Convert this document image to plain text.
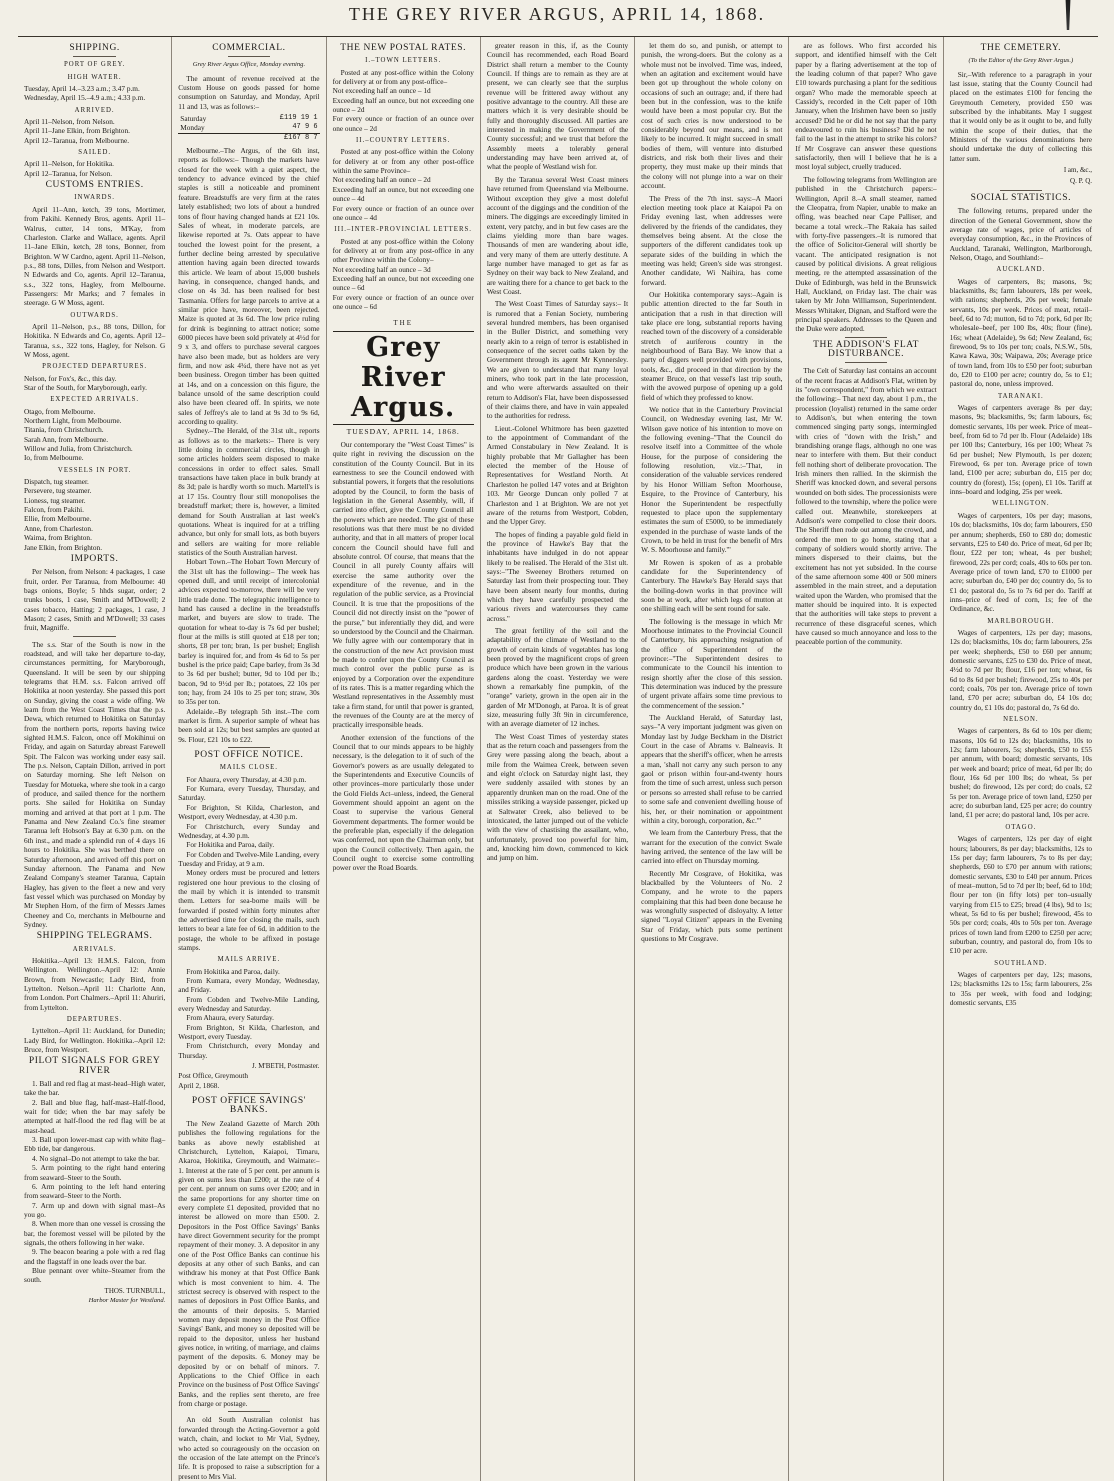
THE GREY RIVER ARGUS, APRIL 14, 1868.
SHIPPING.
PORT OF GREY.
HIGH WATER.

Tuesday, April 14.–3.23 a.m.; 3.47 p.m.

Wednesday, April 15.–4.9 a.m.; 4.33 p.m.

ARRIVED.

April 11–Nelson, from Nelson.

April 11–Jane Elkin, from Brighton.

April 12–Taranua, from Melbourne.

SAILED.

April 11–Nelson, for Hokitika.

April 12–Taranua, for Nelson.

CUSTOMS ENTRIES.
INWARDS.

April 11–Ann, ketch, 39 tons, Mortimer, from Pakihi. Kennedy Bros, agents. April 11–Walrus, cutter, 14 tons, M'Kay, from Charleston. Clarke and Wallace, agents. April 11–Jane Elkin, ketch, 28 tons, Bonner, from Brighton. W W Cardno, agent. April 11–Nelson, p.s., 88 tons, Dilles, from Nelson and Westport. N Edwards and Co, agents. April 12–Taranua, s.s., 322 tons, Hagley, from Melbourne. Passengers: Mr Marks; and 7 females in steerage. G W Moss, agent.

OUTWARDS.

April 11–Nelson, p.s., 88 tons, Dillon, for Hokitika. N Edwards and Co, agents. April 12–Taranua, s.s., 322 tons, Hagley, for Nelson. G W Moss, agent.

PROJECTED DEPARTURES.

Nelson, for Fox's, &c., this day.

Star of the South, for Maryborough, early.

EXPECTED ARRIVALS.

Otago, from Melbourne.

Northern Light, from Melbourne.

Titania, from Christchurch.

Sarah Ann, from Melbourne.

Willow and Julia, from Christchurch.

Io, from Melbourne.

VESSELS IN PORT.

Dispatch, tug steamer.

Persevere, tug steamer.

Lioness, tug steamer.

Falcon, from Pakihi.

Ellie, from Melbourne.

Anne, from Charleston.

Waima, from Brighton.

Jane Elkin, from Brighton.

IMPORTS.

Per Nelson, from Nelson: 4 packages, 1 case fruit, order. Per Taranua, from Melbourne: 40 bags onions, Boyle; 5 hhds sugar, order; 2 trunks boots, 1 case, Smith and M'Dowell; 2 cases tobacco, Hatting; 2 packages, 1 case, J Mason; 2 cases, Smith and M'Dowell; 33 cases fruit, Magniffe.

The s.s. Star of the South is now in the roadstead, and will take her departure to-day, circumstances permitting, for Maryborough, Queensland. It will be seen by our shipping telegrams that H.M. s.s. Falcon arrived off Hokitika at noon yesterday. She passed this port on Sunday, giving the coast a wide offing. We learn from the West Coast Times that the p.s. Dewa, which returned to Hokitika on Saturday from the northern ports, reports having twice sighted H.M.S. Falcon, once off Mokihinui on Friday, and again on Saturday abreast Farewell Spit. The Falcon was working under easy sail. The p.s. Nelson, Captain Dillon, arrived in port on Saturday morning. She left Nelson on Tuesday for Motueka, where she took in a cargo of produce, and sailed thence for the northern ports. She sailed for Hokitika on Sunday morning and arrived at that port at 1 p.m. The Panama and New Zealand Co.'s fine steamer Taranua left Hobson's Bay at 6.30 p.m. on the 6th inst., and made a splendid run of 4 days 16 hours to Hokitika. She was berthed there on Saturday afternoon, and arrived off this port on Sunday afternoon. The Panama and New Zealand Company's steamer Taranua, Captain Hagley, has given to the fleet a new and very fast vessel which was purchased on Monday by Mr Stephen Horn, of the firm of Messrs James Cheeney and Co, merchants in Melbourne and Sydney.

SHIPPING TELEGRAMS.
ARRIVALS.

Hokitika.–April 13: H.M.S. Falcon, from Wellington. Wellington.–April 12: Annie Brown, from Newcastle; Lady Bird, from Lyttelton. Nelson.–April 11: Charlotte Ann, from London. Port Chalmers.–April 11: Ahuriri, from Lyttelton.

DEPARTURES.

Lyttelton.–April 11: Auckland, for Dunedin; Lady Bird, for Wellington. Hokitika.–April 12: Bruce, from Westport.

PILOT SIGNALS FOR GREY RIVER

1. Ball and red flag at mast-head–High water, take the bar.

2. Ball and blue flag, half-mast–Half-flood, wait for tide; when the bar may safely be attempted at half-flood the red flag will be at mast-head.

3. Ball upon lower-mast cap with white flag–Ebb tide, bar dangerous.

4. No signal–Do not attempt to take the bar.

5. Arm pointing to the right hand entering from seaward–Steer to the South.

6. Arm pointing to the left hand entering from seaward–Steer to the North.

7. Arm up and down with signal mast–As you go.

8. When more than one vessel is crossing the bar, the foremost vessel will be piloted by the signals, the others following in her wake.

9. The beacon bearing a pole with a red flag and the flagstaff in one leads over the bar.

Blue pennant over white–Steamer from the south.

THOS. TURNBULL,

Harbor Master for Westland.

COMMERCIAL.

Grey River Argus Office, Monday evening.

The amount of revenue received at the Custom House on goods passed for home consumption on Saturday, and Monday, April 11 and 13, was as follows:–

Saturday	£119 19 1
Monday	47 9 6
	£167 8 7

Melbourne.–The Argus, of the 6th inst, reports as follows:– Though the markets have closed for the week with a quiet aspect, the tendency to advance evinced by the chief staples is still a noticeable and prominent feature. Breadstuffs are very firm at the rates lately established; two lots of about a hundred tons of flour having changed hands at £21 10s. Sales of wheat, in moderate parcels, are likewise reported at 7s. Oats appear to have touched the lowest point for the present, a further decline being arrested by speculative attention having again been directed towards this article. We learn of about 15,000 bushels having, in consequence, changed hands, and close on 4s 3d. has been realised for best Tasmania. Offers for large parcels to arrive at a similar price have, moreover, been rejected. Maize is quoted at 3s 6d. The low price ruling for drink is beginning to attract notice; some 6000 pieces have been sold privately at 4½d for 9 x 3, and offers to purchase several cargoes have also been made, but as holders are very firm, and now ask 4¾d, there have not as yet been business. Oregon timber has been quitted at 14s, and on a concession on this figure, the balance unsold of the same description could also have been cleared off. In spirits, we note sales of Jeffrey's ale to land at 9s 3d to 9s 6d, according to quality.

Sydney.–The Herald, of the 31st ult., reports as follows as to the markets:– There is very little doing in commercial circles, though in some articles holders seem disposed to make concessions in order to effect sales. Small transactions have taken place in bulk brandy at 8s 3d; pale is hardly worth so much. Martell's is at 17 15s. Country flour still monopolises the breadstuff market; there is, however, a limited demand for South Australian at last week's quotations. Wheat is inquired for at a trifling advance, but only for small lots, as both buyers and sellers are waiting for more reliable statistics of the South Australian harvest.

Hobart Town.–The Hobart Town Mercury of the 31st ult has the following:– The week has opened dull, and until receipt of intercolonial advices expected to-morrow, there will be very little trade done. The telegraphic intelligence to hand has caused a decline in the breadstuffs market, and buyers are slow to trade. The quotation for wheat to-day is 7s 6d per bushel; flour at the mills is still quoted at £18 per ton; shorts, £8 per ton; bran, 1s per bushel; English barley is inquired for, and from 4s 6d to 5s per bushel is the price paid; Cape barley, from 3s 3d to 3s 6d per bushel; butter, 9d to 10d per lb.; bacon, 9d to 9½d per lb.; potatoes, 22 10s per ton; hay, from 24 10s to 25 per ton; straw, 30s to 35s per ton.

Adelaide.–By telegraph 5th inst.–The corn market is firm. A superior sample of wheat has been sold at 12s; but best samples are quoted at 9s. Flour, £21 10s to £22.

POST OFFICE NOTICE.
MAILS CLOSE.

For Ahaura, every Thursday, at 4.30 p.m.

For Kumara, every Tuesday, Thursday, and Saturday.

For Brighton, St Kilda, Charleston, and Westport, every Wednesday, at 4.30 p.m.

For Christchurch, every Sunday and Wednesday, at 4.30 p.m.

For Hokitika and Paroa, daily.

For Cobden and Twelve-Mile Landing, every Tuesday and Friday, at 9 a.m.

Money orders must be procured and letters registered one hour previous to the closing of the mail by which it is intended to transmit them. Letters for sea-borne mails will be forwarded if posted within forty minutes after the advertised time for closing the mails, such letters to bear a late fee of 6d, in addition to the postage, the whole to be affixed in postage stamps.

MAILS ARRIVE.

From Hokitika and Paroa, daily.

From Kumara, every Monday, Wednesday, and Friday.

From Cobden and Twelve-Mile Landing, every Wednesday and Saturday.

From Ahaura, every Saturday.

From Brighton, St Kilda, Charleston, and Westport, every Tuesday.

From Christchurch, every Monday and Thursday.

J. M'BETH, Postmaster.

Post Office, Greymouth

April 2, 1868.

POST OFFICE SAVINGS' BANKS.

The New Zealand Gazette of March 20th publishes the following regulations for the banks as above newly established at Christchurch, Lyttelton, Kaiapoi, Timaru, Akaroa, Hokitika, Greymouth, and Waimate:– 1. Interest at the rate of 5 per cent. per annum is given on sums less than £200; at the rate of 4 per cent. per annum on sums over £200; and in the same proportions for any shorter time on every complete £1 deposited, provided that no interest be allowed on more than £500. 2. Depositors in the Post Office Savings' Banks have direct Government security for the prompt repayment of their money. 3. A depositor in any one of the Post Office Banks can continue his deposits at any other of such Banks, and can withdraw his money at that Post Office Bank which is most convenient to him. 4. The strictest secrecy is observed with respect to the names of depositors in Post Office Banks, and the amounts of their deposits. 5. Married women may deposit money in the Post Office Savings' Bank, and money so deposited will be repaid to the depositor, unless her husband gives notice, in writing, of marriage, and claims payment of the deposits. 6. Money may be deposited by or on behalf of minors. 7. Applications to the Chief Office in each Province on the business of Post Office Savings' Banks, and the replies sent thereto, are free from charge or postage.

An old South Australian colonist has forwarded through the Acting-Governor a gold watch, chain, and locket to Mr Vial, Sydney, who acted so courageously on the occasion on the occasion of the late attempt on the Prince's life. It is proposed to raise a subscription for a present to Mrs Vial.

THE NEW POSTAL RATES.
I.–TOWN LETTERS.

Posted at any post-office within the Colony for delivery at or from any post-office–

Not exceeding half an ounce – 1d

Exceeding half an ounce, but not exceeding one ounce – 2d

For every ounce or fraction of an ounce over one ounce – 2d

II.–COUNTRY LETTERS.

Posted at any post-office within the Colony for delivery at or from any other post-office within the same Province–

Not exceeding half an ounce – 2d

Exceeding half an ounce, but not exceeding one ounce – 4d

For every ounce or fraction of an ounce over one ounce – 4d

III.–INTER-PROVINCIAL LETTERS.

Posted at any post-office within the Colony for delivery at or from any post-office in any other Province within the Colony–

Not exceeding half an ounce – 3d

Exceeding half an ounce, but not exceeding one ounce – 6d

For every ounce or fraction of an ounce over one ounce – 6d

THE
Grey River Argus.
TUESDAY, APRIL 14, 1868.

Our contemporary the "West Coast Times" is quite right in reviving the discussion on the constitution of the County Council. But in its earnestness to see the Council endowed with substantial powers, it forgets that the resolutions adopted by the Council, to form the basis of legislation in the General Assembly, will, if carried into effect, give the County Council all the powers which are needed. The gist of these resolutions was that there must be no divided authority, and that in all matters of proper local concern the Council should have full and absolute control. Of course, that means that the Council in all purely County affairs will exercise the same authority over the expenditure of the revenue, and in the regulation of the public service, as a Provincial Council. It is true that the propositions of the Council did not directly insist on the "power of the purse," but inferentially they did, and were so understood by the Council and the Chairman. We fully agree with our contemporary that in the construction of the new Act provision must be made to confer upon the County Council as much control over the public purse as is enjoyed by a Corporation over the expenditure of its rates. This is a matter regarding which the Westland representatives in the Assembly must take a firm stand, for until that power is granted, the revenues of the County are at the mercy of practically irresponsible heads.

Another extension of the functions of the Council that to our minds appears to be highly necessary, is the delegation to it of such of the Governor's powers as are usually delegated to the Superintendents and Executive Councils of other provinces–more particularly those under the Gold Fields Act–unless, indeed, the General Government should appoint an agent on the Coast to supervise the various General Government departments. The former would be the preferable plan, especially if the delegation was conferred, not upon the Chairman only, but upon the Council collectively. Then again, the Council ought to exercise some controlling power over the Road Boards.

greater reason in this, if, as the County Council has recommended, each Road Board District shall return a member to the County Council. If things are to remain as they are at present, we can clearly see that the surplus revenue will be frittered away without any positive advantage to the country. All these are matters which it is very desirable should be fully and thoroughly discussed. All parties are interested in making the Government of the County successful; and we trust that before the Assembly meets a tolerably general understanding may have been arrived at, of what the people of Westland wish for.

By the Taranua several West Coast miners have returned from Queensland via Melbourne. Without exception they give a most doleful account of the diggings and the condition of the miners. The diggings are exceedingly limited in extent, very patchy, and in but few cases are the claims yielding more than bare wages. Thousands of men are wandering about idle, and very many of them are utterly destitute. A large number have managed to get as far as Sydney on their way back to New Zealand, and are waiting there for a chance to get back to the West Coast.

The West Coast Times of Saturday says:– It is rumored that a Fenian Society, numbering several hundred members, has been organised in the Buller District, and something very nearly akin to a reign of terror is established in consequence of the secret oaths taken by the Government through its agent Mr Kynnersley. We are given to understand that many loyal miners, who took part in the late procession, and who were afterwards assaulted on their return to Addison's Flat, have been dispossessed of their claims there, and have in vain appealed to the authorities for redress.

Lieut.-Colonel Whitmore has been gazetted to the appointment of Commandant of the Armed Constabulary in New Zealand. It is highly probable that Mr Gallagher has been elected the member of the House of Representatives for Westland North. At Charleston he polled 147 votes and at Brighton 103. Mr George Duncan only polled 7 at Charleston and 1 at Brighton. We are not yet aware of the returns from Westport, Cobden, and the Upper Grey.

The hopes of finding a payable gold field in the province of Hawke's Bay that the inhabitants have indulged in do not appear likely to be realised. The Herald of the 31st ult. says:–"The Sweeney Brothers returned on Saturday last from their prospecting tour. They have been absent nearly four months, during which they have carefully prospected the various rivers and watercourses they came across."

The great fertility of the soil and the adaptability of the climate of Westland to the growth of certain kinds of vegetables has long been proved by the magnificent crops of green produce which have been grown in the various gardens along the coast. Yesterday we were shown a remarkably fine pumpkin, of the "orange" variety, grown in the open air in the garden of Mr M'Donogh, at Paroa. It is of great size, measuring fully 3ft 9in in circumference, with an average diameter of 12 inches.

The West Coast Times of yesterday states that as the return coach and passengers from the Grey were passing along the beach, about a mile from the Waimea Creek, between seven and eight o'clock on Saturday night last, they were suddenly assailed with stones by an apparently drunken man on the road. One of the missiles striking a wayside passenger, picked up at Saltwater Creek, also believed to be intoxicated, the latter jumped out of the vehicle with the view of chastising the assailant, who, unfortunately, proved too powerful for him, and, knocking him down, commenced to kick and jump on him.

let them do so, and punish, or attempt to punish, the wrong-doers. But the colony as a whole must not be involved. Time was, indeed, when an agitation and excitement would have been got up throughout the whole colony on occasions of such an outrage; and, if there had been but in the confession, was to the knife would have been a most popular cry. But the cost of such cries is now understood to be considerably beyond our means, and is not likely to be incurred. It might succeed in small bodies of them, will venture into disturbed districts, and risk both their lives and their property, they must make up their minds that the colony will not plunge into a war on their account.

The Press of the 7th inst. says:–A Maori election meeting took place at Kaiapoi Pa on Friday evening last, when addresses were delivered by the friends of the candidates, they themselves being absent. At the close the supporters of the different candidates took up separate sides of the building in which the meeting was held; Green's side was strongest. Another candidate, Wi Naihira, has come forward.

Our Hokitika contemporary says:–Again is public attention directed to the far South in anticipation that a rush in that direction will take place ere long, substantial reports having reached town of the discovery of a considerable stretch of auriferous country in the neighbourhood of Bara Bay. We know that a party of diggers well provided with provisions, tools, &c., did proceed in that direction by the steamer Bruce, on that vessel's last trip south, with the avowed purpose of opening up a gold field of which they professed to know.

We notice that in the Canterbury Provincial Council, on Wednesday evening last, Mr W. Wilson gave notice of his intention to move on the following evening–"That the Council do resolve itself into a Committee of the whole House, for the purpose of considering the following resolution, viz.:–'That, in consideration of the valuable services rendered by his Honor William Sefton Moorhouse, Esquire, to the Province of Canterbury, his Honor the Superintendent be respectfully requested to place upon the supplementary estimates the sum of £5000, to be immediately expended in the purchase of waste lands of the Crown, to be held in trust for the benefit of Mrs W. S. Moorhouse and family.'"

Mr Rowen is spoken of as a probable candidate for the Superintendency of Canterbury. The Hawke's Bay Herald says that the boiling-down works in that province will soon be at work, after which legs of mutton at one shilling each will be sent round for sale.

The following is the message in which Mr Moorhouse intimates to the Provincial Council of Canterbury, his approaching resignation of the office of Superintendent of the province:–"The Superintendent desires to communicate to the Council his intention to resign shortly after the close of this session. This determination was induced by the pressure of urgent private affairs some time previous to the commencement of the session."

The Auckland Herald, of Saturday last, says–"A very important judgment was given on Monday last by Judge Beckham in the District Court in the case of Abrams v. Balneavis. It appears that the sheriff's officer, when he arrests a man, 'shall not carry any such person to any gaol or prison within four-and-twenty hours from the time of such arrest, unless such person or persons so arrested shall refuse to be carried to some safe and convenient dwelling house of his, her, or their nomination or appointment within a city, borough, corporation, &c.'"

We learn from the Canterbury Press, that the warrant for the execution of the convict Swale having arrived, the sentence of the law will be carried into effect on Thursday morning.

Recently Mr Cosgrave, of Hokitika, was blackballed by the Volunteers of No. 2 Company, and he wrote to the papers complaining that this had been done because he was wrongfully suspected of disloyalty. A letter signed "Loyal Citizen" appears in the Evening Star of Friday, which puts some pertinent questions to Mr Cosgrave.

are as follows. Who first accorded his support, and identified himself with the Celt paper by a flaring advertisement at the top of the leading column of that paper? Who gave £10 towards purchasing a plant for the seditious organ? Who made the memorable speech at Cassidy's, recorded in the Celt paper of 10th January, when the Irishmen have been so justly accused? Did he or did he not say that the party endeavoured to ruin his business? Did he not fail to the last in the attempt to strike his colors? If Mr Cosgrave can answer these questions satisfactorily, then will I believe that he is a most loyal subject, cruelly traduced.

The following telegrams from Wellington are published in the Christchurch papers:– Wellington, April 8.–A small steamer, named the Cleopatra, from Napier, unable to make an offing, was beached near Cape Palliser, and became a total wreck.–The Rakaia has sailed with forty-five passengers.–It is rumored that the office of Solicitor-General will shortly be vacant. The anticipated resignation is not caused by political divisions. A great religious meeting, re the attempted assassination of the Duke of Edinburgh, was held in the Brunswick Hall, Auckland, on Friday last. The chair was taken by Mr John Williamson, Superintendent. Messrs Whitaker, Dignan, and Stafford were the principal speakers. Addresses to the Queen and the Duke were adopted.

THE ADDISON'S FLAT DISTURBANCE.

The Celt of Saturday last contains an account of the recent fracas at Addison's Flat, written by its "own correspondent," from which we extract the following:– That next day, about 1 p.m., the procession (loyalist) returned in the same order to Addison's, but when entering the town commenced singing party songs, intermingled with cries of "down with the Irish," and brandishing orange flags, although no one was near to interfere with them. But their conduct fell nothing short of deliberate provocation. The Irish miners then rallied. In the skirmish the Sheriff was knocked down, and several persons wounded on both sides. The processionists were followed to the township, where the police were called out. Meanwhile, storekeepers at Addison's were compelled to close their doors. The Sheriff then rode out among the crowd, and ordered the men to go home, stating that a company of soldiers would shortly arrive. The miners dispersed to their claims, but the excitement has not yet subsided. In the course of the same afternoon some 400 or 500 miners assembled in the main street, and a deputation waited upon the Warden, who promised that the matter should be inquired into. It is expected that the authorities will take steps to prevent a recurrence of these disgraceful scenes, which have caused so much annoyance and loss to the peaceable portion of the community.

THE CEMETERY.

(To the Editor of the Grey River Argus.)

Sir,–With reference to a paragraph in your last issue, stating that the County Council had placed on the estimates £100 for fencing the Greymouth Cemetery, provided £50 was subscribed by the inhabitants. May I suggest that it would only be as it ought to be, and fully within the scope of their duties, that the Ministers of the various denominations here should undertake the duty of collecting this latter sum.

I am, &c.,

Q. P. Q.

SOCIAL STATISTICS.

The following returns, prepared under the direction of the General Government, show the average rate of wages, price of articles of everyday consumption, &c., in the Provinces of Auckland, Taranaki, Wellington, Marlborough, Nelson, Otago, and Southland:–

AUCKLAND.

Wages of carpenters, 8s; masons, 9s; blacksmiths, 8s; farm labourers, 18s per week, with rations; shepherds, 20s per week; female servants, 10s per week. Prices of meat, retail–beef, 6d to 7d; mutton, 6d to 7d; pork, 6d per lb; wholesale–beef, per 100 lbs, 40s; flour (fine), 16s; wheat (Adelaide), 9s 6d; New Zealand, 6s; firewood, 9s to 10s per ton; coals, N.S.W., 50s, Kawa Kawa, 30s; Waipawa, 20s; Average price of town land, from 10s to £50 per foot; suburban do, £20 to £100 per acre; country do, 5s to £1; pastoral do, none, unless improved.

TARANAKI.

Wages of carpenters average 8s per day; masons, 9s; blacksmiths, 9s; farm labours, 6s; domestic servants, 10s per week. Price of meat–beef, from 6d to 7d per lb. Flour (Adelaide) 18s per 100 lbs; Canterbury, 16s per 100; Wheat 7s 6d per bushel; New Plymouth, 1s per dozen; Firewood, 6s per ton. Average price of town land, £100 per acre; suburban do, £15 per do; country do (forest), 15s; (open), £1 10s. Tariff at inns–board and lodging, 25s per week.

WELLINGTON.

Wages of carpenters, 10s per day; masons, 10s do; blacksmiths, 10s do; farm labourers, £50 per annum; shepherds, £60 to £80 do; domestic servants, £25 to £40 do. Price of meat, 6d per lb; flour, £22 per ton; wheat, 4s per bushel; firewood, 22s per cord; coals, 40s to 60s per ton. Average price of town land, £70 to £1000 per acre; suburban do, £40 per do; country do, 5s to £1 do; pastoral do, 5s to 7s 6d per do. Tariff at inns–price of feed of corn, 1s; fee of the Ordinance, &c.

MARLBOROUGH.

Wages of carpenters, 12s per day; masons, 12s do; blacksmiths, 10s do; farm labourers, 25s per week; shepherds, £50 to £60 per annum; domestic servants, £25 to £30 do. Price of meat, 4½d to 7d per lb; flour, £16 per ton; wheat, 6s 6d to 8s 6d per bushel; firewood, 25s to 40s per cord; coals, 70s per ton. Average price of town land, £70 per acre; suburban do, £4 10s do; country do, £1 10s do; pastoral do, 7s 6d do.

NELSON.

Wages of carpenters, 8s 6d to 10s per diem; masons, 10s 6d to 12s do; blacksmiths, 10s to 12s; farm labourers, 5s; shepherds, £50 to £55 per annum, with board; domestic servants, 10s per week and board; price of meat, 6d per lb; do flour, 16s 6d per 100 lbs; do wheat, 5s per bushel; do firewood, 12s per cord; do coals, £2 5s per ton. Average price of town land, £250 per acre; do suburban land, £25 per acre; do country land, £1 per acre; do pastoral land, 10s per acre.

OTAGO.

Wages of carpenters, 12s per day of eight hours; labourers, 8s per day; blacksmiths, 12s to 15s per day; farm labourers, 7s to 8s per day; shepherds, £60 to £70 per annum with rations; domestic servants, £30 to £40 per annum. Prices of meat–mutton, 5d to 7d per lb; beef, 6d to 10d; flour per ton (in fifty lots) per ton–usually varying from £15 to £25; bread (4 lbs), 9d to 1s; wheat, 5s 6d to 6s per bushel; firewood, 45s to 50s per cord; coals, 40s to 50s per ton. Average prices of town land from £200 to £250 per acre; suburban, country, and pastoral do, from 10s to £10 per acre.

SOUTHLAND.

Wages of carpenters per day, 12s; masons, 12s; blacksmiths 12s to 15s; farm labourers, 25s to 35s per week, with food and lodging; domestic servants, £35
